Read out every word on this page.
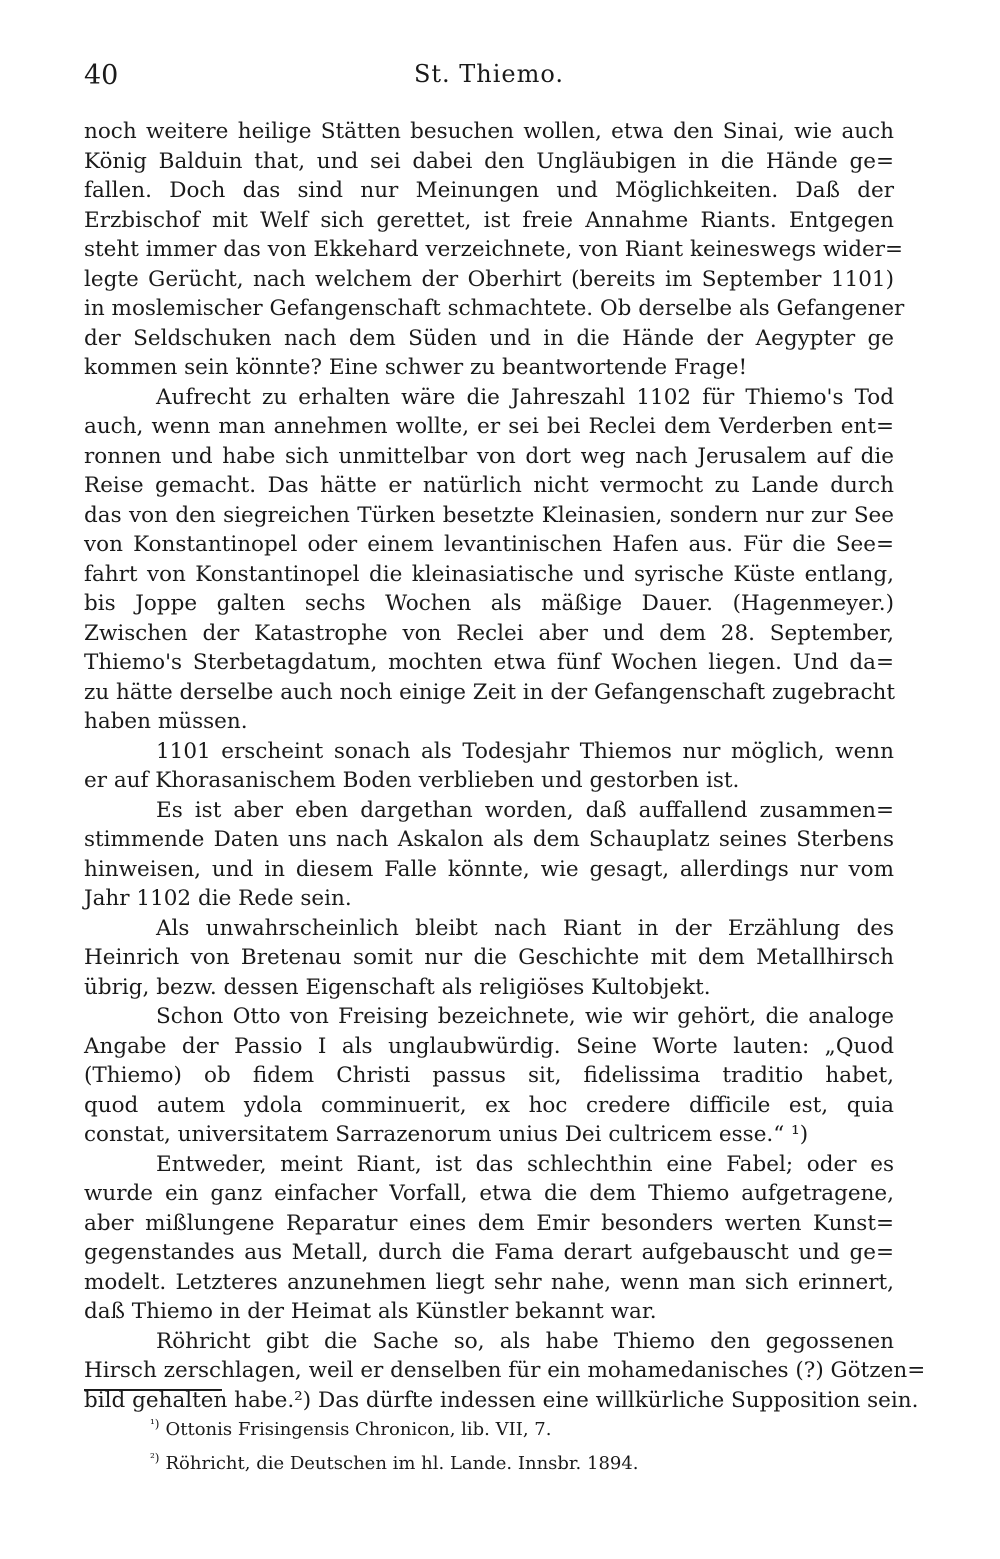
40	St. Thiemo.
noch weitere heilige Stätten besuchen wollen, etwa den Sinai, wie auch
König Balduin that, und sei dabei den Ungläubigen in die Hände ge=
fallen. Doch das sind nur Meinungen und Möglichkeiten. Daß der
Erzbischof mit Welf sich gerettet, ist freie Annahme Riants. Entgegen
steht immer das von Ekkehard verzeichnete, von Riant keineswegs wider=
legte Gerücht, nach welchem der Oberhirt (bereits im September 1101)
in moslemischer Gefangenschaft schmachtete. Ob derselbe als Gefangener
der Seldschuken nach dem Süden und in die Hände der Aegypter ge
kommen sein könnte? Eine schwer zu beantwortende Frage!
Aufrecht zu erhalten wäre die Jahreszahl 1102 für Thiemo's Tod
auch, wenn man annehmen wollte, er sei bei Reclei dem Verderben ent=
ronnen und habe sich unmittelbar von dort weg nach Jerusalem auf die
Reise gemacht. Das hätte er natürlich nicht vermocht zu Lande durch
das von den siegreichen Türken besetzte Kleinasien, sondern nur zur See
von Konstantinopel oder einem levantinischen Hafen aus. Für die See=
fahrt von Konstantinopel die kleinasiatische und syrische Küste entlang,
bis Joppe galten sechs Wochen als mäßige Dauer. (Hagenmeyer.)
Zwischen der Katastrophe von Reclei aber und dem 28. September,
Thiemo's Sterbetagdatum, mochten etwa fünf Wochen liegen. Und da=
zu hätte derselbe auch noch einige Zeit in der Gefangenschaft zugebracht
haben müssen.
1101 erscheint sonach als Todesjahr Thiemos nur möglich, wenn
er auf Khorasanischem Boden verblieben und gestorben ist.
Es ist aber eben dargethan worden, daß auffallend zusammen=
stimmende Daten uns nach Askalon als dem Schauplatz seines Sterbens
hinweisen, und in diesem Falle könnte, wie gesagt, allerdings nur vom
Jahr 1102 die Rede sein.
Als unwahrscheinlich bleibt nach Riant in der Erzählung des
Heinrich von Bretenau somit nur die Geschichte mit dem Metallhirsch
übrig, bezw. dessen Eigenschaft als religiöses Kultobjekt.
Schon Otto von Freising bezeichnete, wie wir gehört, die analoge
Angabe der Passio I als unglaubwürdig. Seine Worte lauten: „Quod
(Thiemo) ob fidem Christi passus sit, fidelissima traditio habet,
quod autem ydola comminuerit, ex hoc credere difficile est, quia
constat, universitatem Sarrazenorum unius Dei cultricem esse.“ ¹)
Entweder, meint Riant, ist das schlechthin eine Fabel; oder es
wurde ein ganz einfacher Vorfall, etwa die dem Thiemo aufgetragene,
aber mißlungene Reparatur eines dem Emir besonders werten Kunst=
gegenstandes aus Metall, durch die Fama derart aufgebauscht und ge=
modelt. Letzteres anzunehmen liegt sehr nahe, wenn man sich erinnert,
daß Thiemo in der Heimat als Künstler bekannt war.
Röhricht gibt die Sache so, als habe Thiemo den gegossenen
Hirsch zerschlagen, weil er denselben für ein mohamedanisches (?) Götzen=
bild gehalten habe.²) Das dürfte indessen eine willkürliche Supposition sein.
$^{^1)}$ Ottonis Frisingensis Chronicon, lib. VII, 7.
$^{^2)}$ Röhricht, die Deutschen im hl. Lande. Innsbr. 1894.
